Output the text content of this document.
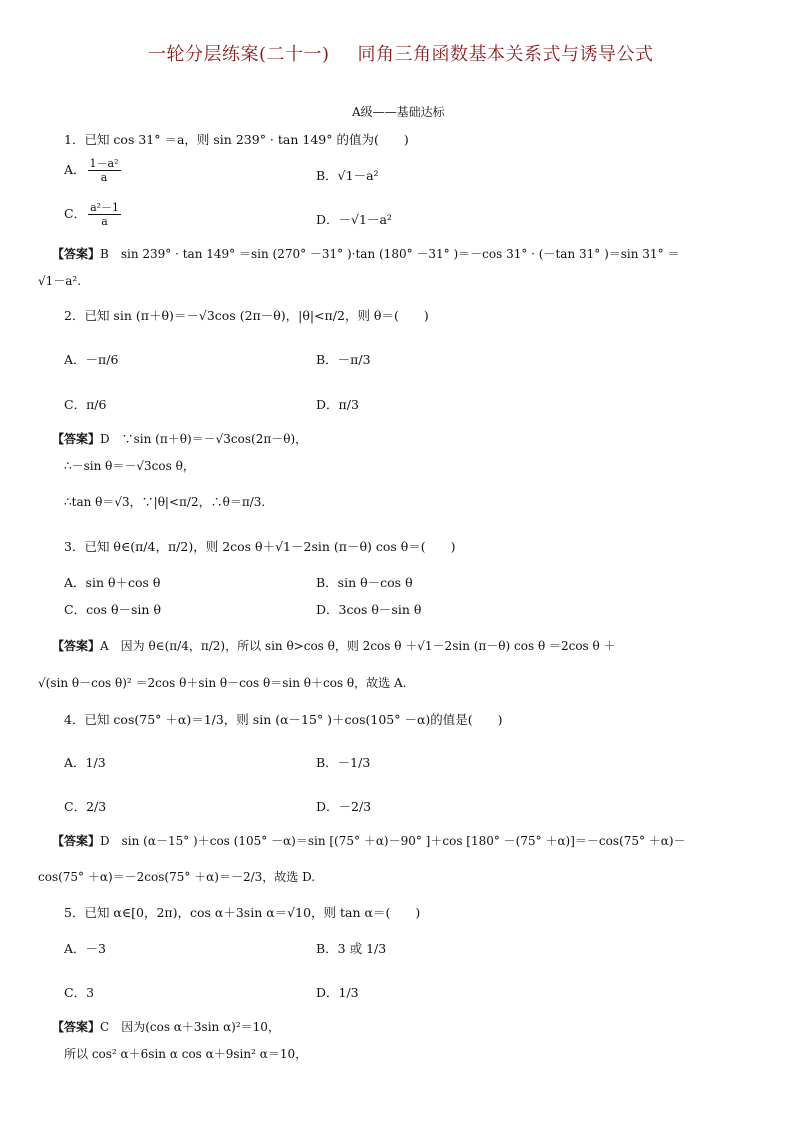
一轮分层练案(二十一) 同角三角函数基本关系式与诱导公式
A级——基础达标
1．已知 cos 31° ＝a，则 sin 239° · tan 149° 的值为(　　)
A． $\frac{\text{1－a²}}{a}$	B．√1－a²
C． $\frac{\text{a²－1}}{a}$	D．－√1－a²
【答案】B　sin 239° · tan 149° ＝sin (270° －31° )·tan (180° －31° )＝－cos 31° · (－tan 31° )＝sin 31° ＝
√1－a².
2．已知 sin (π＋θ)＝－√3cos (2π－θ)，|θ|<π/2，则 θ＝(　　)
A．－π/6	B．－π/3
C．π/6	D．π/3
【答案】D　∵sin (π＋θ)＝－√3cos(2π－θ)，
∴－sin θ＝－√3cos θ，
∴tan θ＝√3，∵|θ|<π/2，∴θ＝π/3.
3．已知 θ∈(π/4，π/2)，则 2cos θ＋√1－2sin (π－θ) cos θ＝(　　)
A．sin θ＋cos θ	B．sin θ－cos θ
C．cos θ－sin θ	D．3cos θ－sin θ
【答案】A　因为 θ∈(π/4，π/2)，所以 sin θ>cos θ，则 2cos θ ＋√1－2sin (π－θ) cos θ ＝2cos θ ＋
√(sin θ－cos θ)² ＝2cos θ＋sin θ－cos θ＝sin θ＋cos θ，故选 A.
4．已知 cos(75° ＋α)＝1/3，则 sin (α－15° )＋cos(105° －α)的值是(　　)
A．1/3	B．－1/3
C．2/3	D．－2/3
【答案】D　sin (α－15° )＋cos (105° －α)＝sin [(75° ＋α)－90° ]＋cos [180° －(75° ＋α)]＝－cos(75° ＋α)－
cos(75° ＋α)＝－2cos(75° ＋α)＝－2/3，故选 D.
5．已知 α∈[0，2π)，cos α＋3sin α＝√10，则 tan α＝(　　)
A．－3	B．3 或 1/3
C．3	D．1/3
【答案】C　因为(cos α＋3sin α)²＝10，
所以 cos² α＋6sin α cos α＋9sin² α＝10，
